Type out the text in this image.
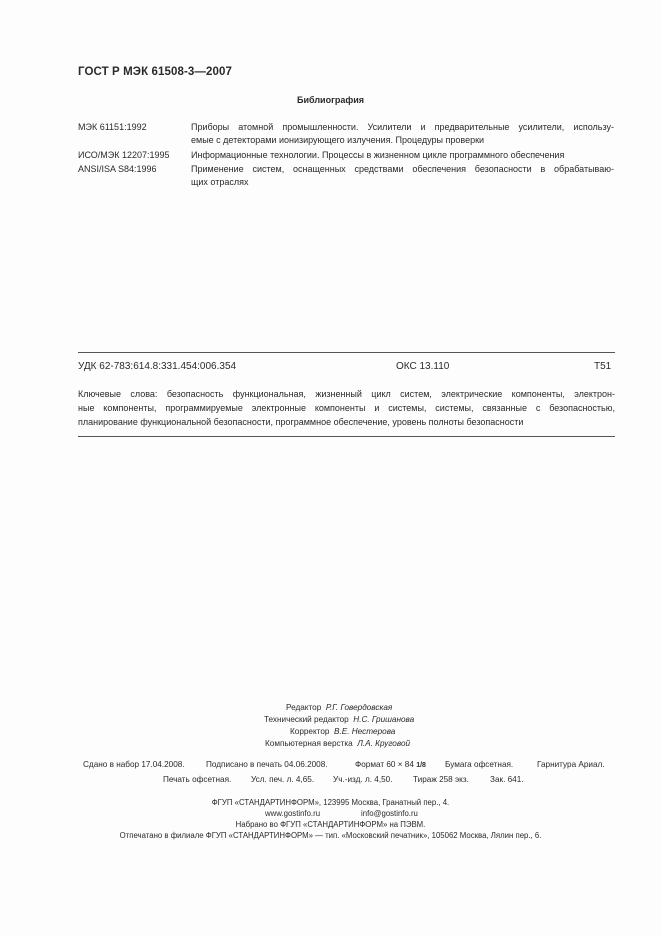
ГОСТ Р МЭК 61508-3—2007
Библиография
МЭК 61151:1992	Приборы атомной промышленности. Усилители и предварительные усилители, использу-
емые с детекторами ионизирующего излучения. Процедуры проверки
ИСО/МЭК 12207:1995	Информационные технологии. Процессы в жизненном цикле программного обеспечения
ANSI/ISA S84:1996	Применение систем, оснащенных средствами обеспечения безопасности в обрабатываю-
щих отраслях
УДК 62-783:614.8:331.454:006.354	ОКС 13.110	Т51
Ключевые слова: безопасность функциональная, жизненный цикл систем, электрические компоненты, электрон-
ные компоненты, программируемые электронные компоненты и системы, системы, связанные с безопасностью,
планирование функциональной безопасности, программное обеспечение, уровень полноты безопасности
Редактор Р.Г. Говердовская
Технический редактор Н.С. Гришанова
Корректор В.Е. Нестерова
Компьютерная верстка Л.А. Круговой
Сдано в набор 17.04.2008.	Подписано в печать 04.06.2008.	Формат 60 × 84 1/8 Бумага офсетная.	Гарнитура Ариал.
Печать офсетная. Усл. печ. л. 4,65. Уч.-изд. л. 4,50.	Тираж 258 экз.	Зак. 641.
ФГУП «СТАНДАРТИНФОРМ», 123995 Москва, Гранатный пер., 4.
www.gostinfo.ru	info@gostinfo.ru
Набрано во ФГУП «СТАНДАРТИНФОРМ» на ПЭВМ.
Отпечатано в филиале ФГУП «СТАНДАРТИНФОРМ» — тип. «Московский печатник», 105062 Москва, Лялин пер., 6.
